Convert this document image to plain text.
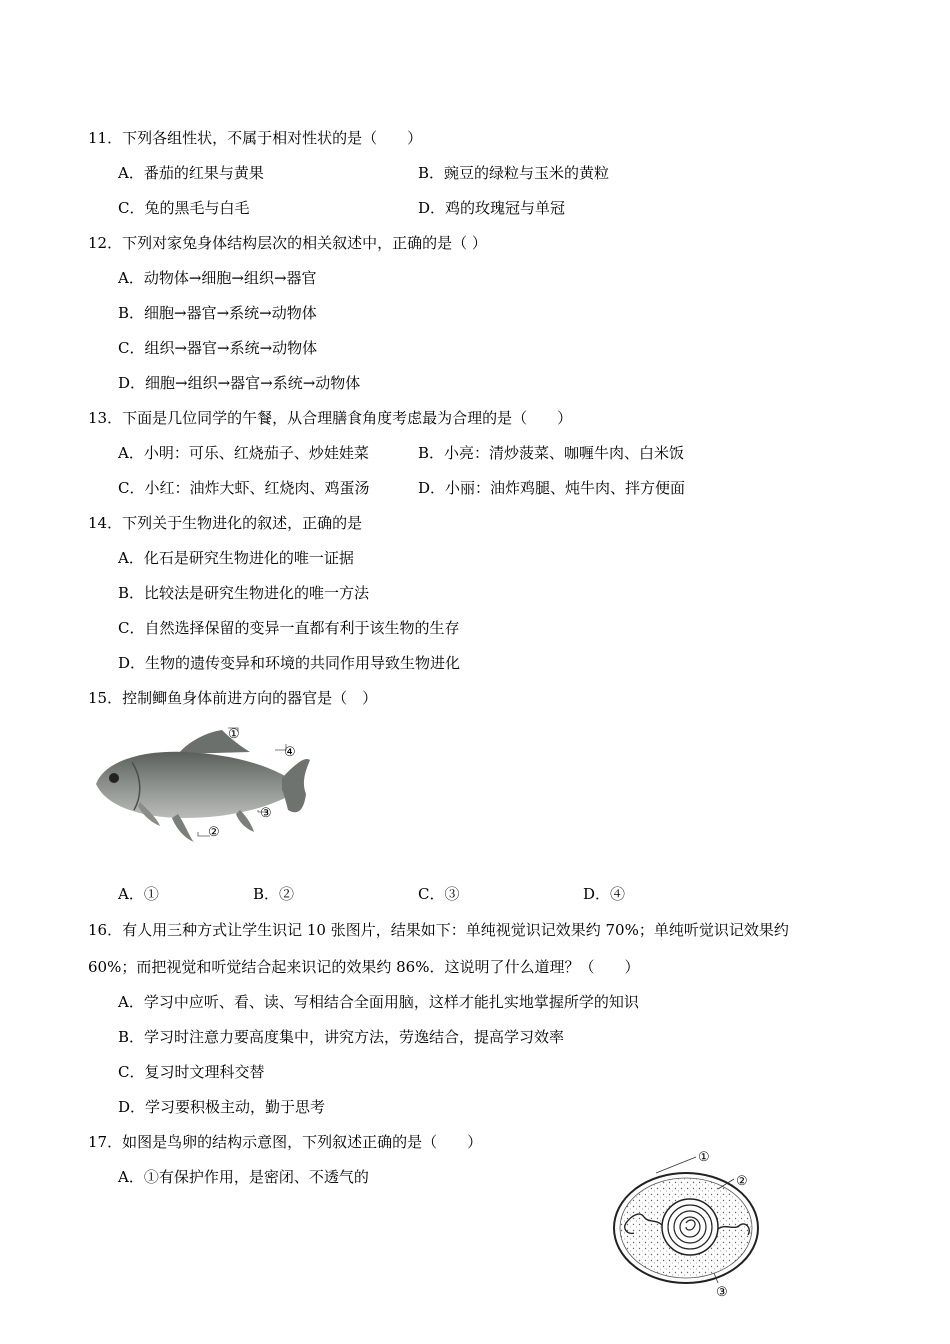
11．下列各组性状，不属于相对性状的是（　　）
A．番茄的红果与黄果	B．豌豆的绿粒与玉米的黄粒
C．兔的黑毛与白毛	D．鸡的玫瑰冠与单冠
12．下列对家兔身体结构层次的相关叙述中，正确的是（ ）
A．动物体→细胞→组织→器官
B．细胞→器官→系统→动物体
C．组织→器官→系统→动物体
D．细胞→组织→器官→系统→动物体
13．下面是几位同学的午餐，从合理膳食角度考虑最为合理的是（　　）
A．小明：可乐、红烧茄子、炒娃娃菜	B．小亮：清炒菠菜、咖喱牛肉、白米饭
C．小红：油炸大虾、红烧肉、鸡蛋汤	D．小丽：油炸鸡腿、炖牛肉、拌方便面
14．下列关于生物进化的叙述，正确的是
A．化石是研究生物进化的唯一证据
B．比较法是研究生物进化的唯一方法
C．自然选择保留的变异一直都有利于该生物的生存
D．生物的遗传变异和环境的共同作用导致生物进化
15．控制鲫鱼身体前进方向的器官是（　）
①
④
③
②
A．①	B．②	C．③	D．④
16．有人用三种方式让学生识记 10 张图片，结果如下：单纯视觉识记效果约 70%；单纯听觉识记效果约
60%；而把视觉和听觉结合起来识记的效果约 86%．这说明了什么道理？（　　）
A．学习中应听、看、读、写相结合全面用脑，这样才能扎实地掌握所学的知识
B．学习时注意力要高度集中，讲究方法，劳逸结合，提高学习效率
C．复习时文理科交替
D．学习要积极主动，勤于思考
17．如图是鸟卵的结构示意图，下列叙述正确的是（　　）
A．①有保护作用，是密闭、不透气的
①
②
③
